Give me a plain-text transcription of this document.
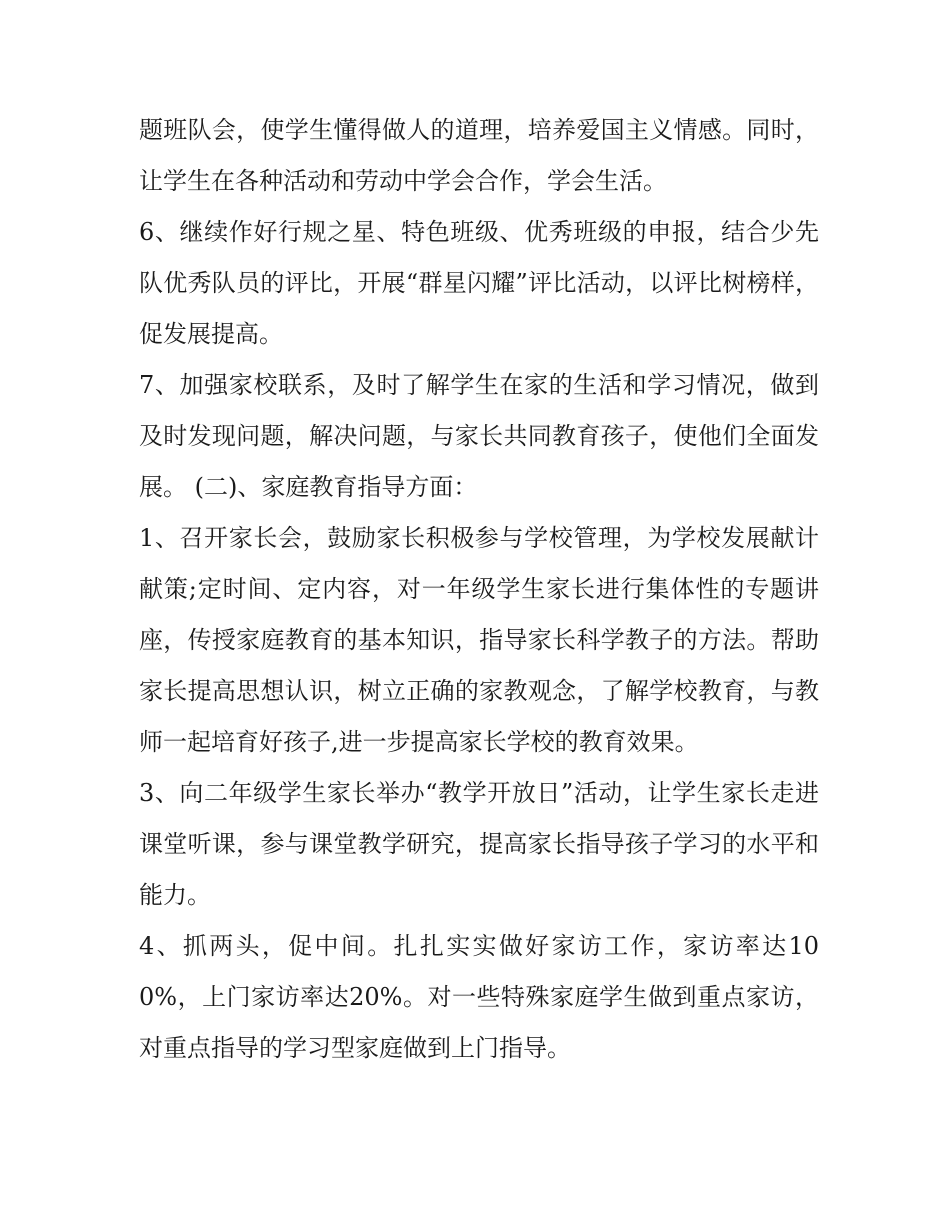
题班队会，使学生懂得做人的道理，培养爱国主义情感。同时，让学生在各种活动和劳动中学会合作，学会生活。

6、继续作好行规之星、特色班级、优秀班级的申报，结合少先队优秀队员的评比，开展“群星闪耀”评比活动，以评比树榜样，促发展提高。

7、加强家校联系，及时了解学生在家的生活和学习情况，做到及时发现问题，解决问题，与家长共同教育孩子，使他们全面发展。 (二)、家庭教育指导方面：

1、召开家长会，鼓励家长积极参与学校管理，为学校发展献计献策;定时间、定内容，对一年级学生家长进行集体性的专题讲座，传授家庭教育的基本知识，指导家长科学教子的方法。帮助家长提高思想认识，树立正确的家教观念，了解学校教育，与教师一起培育好孩子,进一步提高家长学校的教育效果。

3、向二年级学生家长举办“教学开放日”活动，让学生家长走进课堂听课，参与课堂教学研究，提高家长指导孩子学习的水平和能力。

4、抓两头，促中间。扎扎实实做好家访工作，家访率达100%，上门家访率达20%。对一些特殊家庭学生做到重点家访，对重点指导的学习型家庭做到上门指导。
